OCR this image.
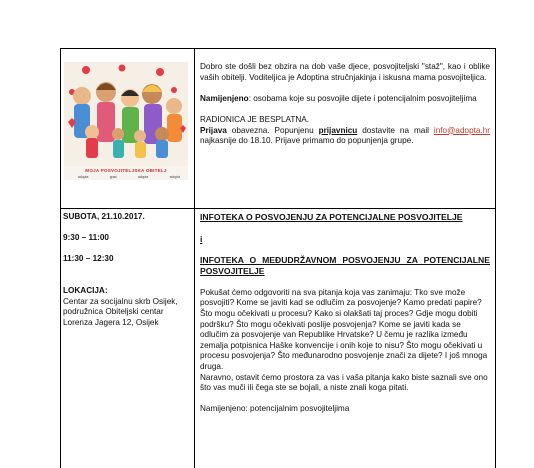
MOJA POSVOJITELJSKA OBITELJ
adopta	grad	adopta	adopta
Dobro ste došli bez obzira na dob vaše djece, posvojiteljski "staž", kao i oblike vaših obitelji. Voditeljica je Adoptina stručnjakinja i iskusna mama posvojiteljica.
Namijenjeno: osobama koje su posvojile dijete i potencijalnim posvojiteljima
RADIONICA JE BESPLATNA.
Prijava obavezna. Popunjenu prijavnicu dostavite na mail info@adopta.hr najkasnije do 18.10. Prijave primamo do popunjenja grupe.
SUBOTA, 21.10.2017.
9:30 – 11:00
11:30 – 12:30
LOKACIJA:
Centar za socijalnu skrb Osijek, podružnica Obiteljski centar Lorenza Jagera 12, Osijek
INFOTEKA O POSVOJENJU ZA POTENCIJALNE POSVOJITELJE
i
INFOTEKA O MEĐUDRŽAVNOM POSVOJENJU ZA POTENCIJALNE POSVOJITELJE
Pokušat ćemo odgovoriti na sva pitanja koja vas zanimaju: Tko sve može posvojiti? Kome se javiti kad se odlučim za posvojenje? Kamo predati papire? Što mogu očekivati u procesu? Kako si olakšati taj proces? Gdje mogu dobiti podršku? Što mogu očekivati poslije posvojenja? Kome se javiti kada se odlučim za posvojenje van Republike Hrvatske? U čemu je razlika između zemalja potpisnica Haške konvencije i onih koje to nisu? Što mogu očekivati u procesu posvojenja? Što međunarodno posvojenje znači za dijete? I još mnoga druga.
Naravno, ostavit ćemo prostora za vas i vaša pitanja kako biste saznali sve ono što vas muči ili čega ste se bojali, a niste znali koga pitati.
Namijenjeno: potencijalnim posvojiteljima
